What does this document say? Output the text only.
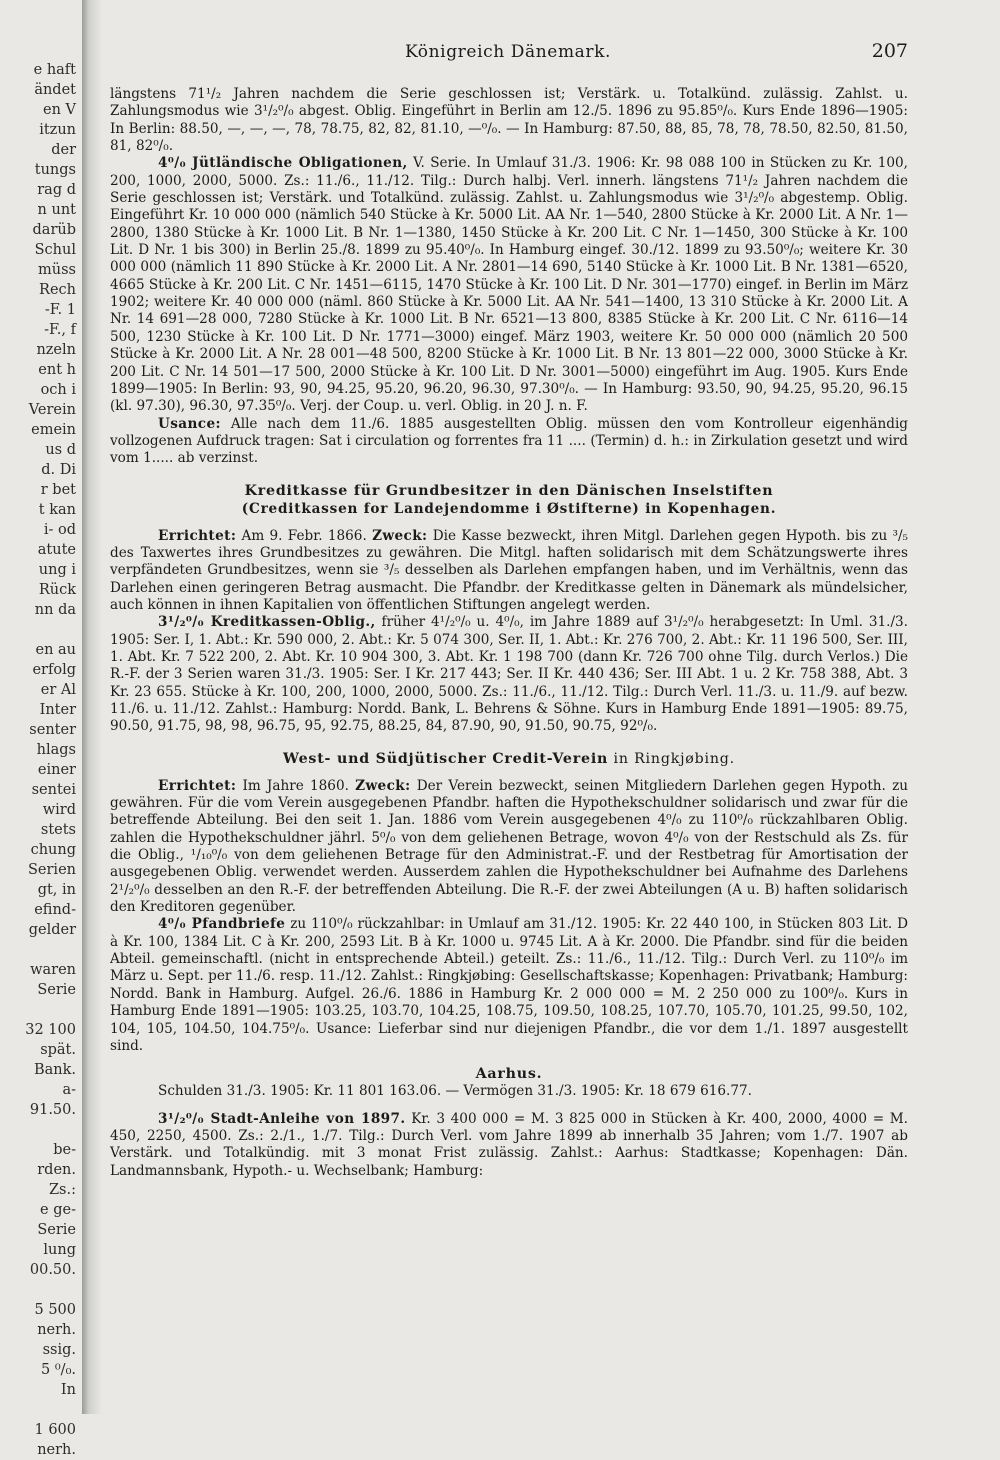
e haft
ändet
en V
itzun
der
tungs
rag d
n unt
darüb
Schul
müss
Rech
-F. 1
-F., f
nzeln
ent h
och i
Verein
emein
us d
d. Di
r bet
t kan
i- od
atute
ung i
Rück
nn da

en au
erfolg
er Al
Inter
senter
hlags
einer
sentei
wird
stets
chung
Serien
gt, in
efind-
gelder

waren
Serie

32 100
spät.
Bank.
a-
91.50.

be-
rden.
Zs.:
e ge-
Serie
lung
00.50.

5 500
nerh.
ssig.
5 ⁰/₀.
In

1 600
nerh.
Königreich Dänemark.	207

längstens 71¹/₂ Jahren nachdem die Serie geschlossen ist; Verstärk. u. Totalkünd. zulässig. Zahlst. u. Zahlungsmodus wie 3¹/₂⁰/₀ abgest. Oblig. Eingeführt in Berlin am 12./5. 1896 zu 95.85⁰/₀. Kurs Ende 1896—1905: In Berlin: 88.50, —, —, —, 78, 78.75, 82, 82, 81.10, —⁰/₀. — In Hamburg: 87.50, 88, 85, 78, 78, 78.50, 82.50, 81.50, 81, 82⁰/₀.

4⁰/₀ Jütländische Obligationen, V. Serie. In Umlauf 31./3. 1906: Kr. 98 088 100 in Stücken zu Kr. 100, 200, 1000, 2000, 5000. Zs.: 11./6., 11./12. Tilg.: Durch halbj. Verl. innerh. längstens 71¹/₂ Jahren nachdem die Serie geschlossen ist; Verstärk. und Totalkünd. zulässig. Zahlst. u. Zahlungsmodus wie 3¹/₂⁰/₀ abgestemp. Oblig. Eingeführt Kr. 10 000 000 (nämlich 540 Stücke à Kr. 5000 Lit. AA Nr. 1—540, 2800 Stücke à Kr. 2000 Lit. A Nr. 1—2800, 1380 Stücke à Kr. 1000 Lit. B Nr. 1—1380, 1450 Stücke à Kr. 200 Lit. C Nr. 1—1450, 300 Stücke à Kr. 100 Lit. D Nr. 1 bis 300) in Berlin 25./8. 1899 zu 95.40⁰/₀. In Hamburg eingef. 30./12. 1899 zu 93.50⁰/₀; weitere Kr. 30 000 000 (nämlich 11 890 Stücke à Kr. 2000 Lit. A Nr. 2801—14 690, 5140 Stücke à Kr. 1000 Lit. B Nr. 1381—6520, 4665 Stücke à Kr. 200 Lit. C Nr. 1451—6115, 1470 Stücke à Kr. 100 Lit. D Nr. 301—1770) eingef. in Berlin im März 1902; weitere Kr. 40 000 000 (näml. 860 Stücke à Kr. 5000 Lit. AA Nr. 541—1400, 13 310 Stücke à Kr. 2000 Lit. A Nr. 14 691—28 000, 7280 Stücke à Kr. 1000 Lit. B Nr. 6521—13 800, 8385 Stücke à Kr. 200 Lit. C Nr. 6116—14 500, 1230 Stücke à Kr. 100 Lit. D Nr. 1771—3000) eingef. März 1903, weitere Kr. 50 000 000 (nämlich 20 500 Stücke à Kr. 2000 Lit. A Nr. 28 001—48 500, 8200 Stücke à Kr. 1000 Lit. B Nr. 13 801—22 000, 3000 Stücke à Kr. 200 Lit. C Nr. 14 501—17 500, 2000 Stücke à Kr. 100 Lit. D Nr. 3001—5000) eingeführt im Aug. 1905. Kurs Ende 1899—1905: In Berlin: 93, 90, 94.25, 95.20, 96.20, 96.30, 97.30⁰/₀. — In Hamburg: 93.50, 90, 94.25, 95.20, 96.15 (kl. 97.30), 96.30, 97.35⁰/₀. Verj. der Coup. u. verl. Oblig. in 20 J. n. F.

Usance: Alle nach dem 11./6. 1885 ausgestellten Oblig. müssen den vom Kontrolleur eigenhändig vollzogenen Aufdruck tragen: Sat i circulation og forrentes fra 11 .... (Termin) d. h.: in Zirkulation gesetzt und wird vom 1..... ab verzinst.

Kreditkasse für Grundbesitzer in den Dänischen Inselstiften
(Creditkassen for Landejendomme i Østifterne) in Kopenhagen.

Errichtet: Am 9. Febr. 1866. Zweck: Die Kasse bezweckt, ihren Mitgl. Darlehen gegen Hypoth. bis zu ³/₅ des Taxwertes ihres Grundbesitzes zu gewähren. Die Mitgl. haften solidarisch mit dem Schätzungswerte ihres verpfändeten Grundbesitzes, wenn sie ³/₅ desselben als Darlehen empfangen haben, und im Verhältnis, wenn das Darlehen einen geringeren Betrag ausmacht. Die Pfandbr. der Kreditkasse gelten in Dänemark als mündelsicher, auch können in ihnen Kapitalien von öffentlichen Stiftungen angelegt werden.

3¹/₂⁰/₀ Kreditkassen-Oblig., früher 4¹/₂⁰/₀ u. 4⁰/₀, im Jahre 1889 auf 3¹/₂⁰/₀ herabgesetzt: In Uml. 31./3. 1905: Ser. I, 1. Abt.: Kr. 590 000, 2. Abt.: Kr. 5 074 300, Ser. II, 1. Abt.: Kr. 276 700, 2. Abt.: Kr. 11 196 500, Ser. III, 1. Abt. Kr. 7 522 200, 2. Abt. Kr. 10 904 300, 3. Abt. Kr. 1 198 700 (dann Kr. 726 700 ohne Tilg. durch Verlos.) Die R.-F. der 3 Serien waren 31./3. 1905: Ser. I Kr. 217 443; Ser. II Kr. 440 436; Ser. III Abt. 1 u. 2 Kr. 758 388, Abt. 3 Kr. 23 655. Stücke à Kr. 100, 200, 1000, 2000, 5000. Zs.: 11./6., 11./12. Tilg.: Durch Verl. 11./3. u. 11./9. auf bezw. 11./6. u. 11./12. Zahlst.: Hamburg: Nordd. Bank, L. Behrens & Söhne. Kurs in Hamburg Ende 1891—1905: 89.75, 90.50, 91.75, 98, 98, 96.75, 95, 92.75, 88.25, 84, 87.90, 90, 91.50, 90.75, 92⁰/₀.

West- und Südjütischer Credit-Verein in Ringkjøbing.

Errichtet: Im Jahre 1860. Zweck: Der Verein bezweckt, seinen Mitgliedern Darlehen gegen Hypoth. zu gewähren. Für die vom Verein ausgegebenen Pfandbr. haften die Hypothekschuldner solidarisch und zwar für die betreffende Abteilung. Bei den seit 1. Jan. 1886 vom Verein ausgegebenen 4⁰/₀ zu 110⁰/₀ rückzahlbaren Oblig. zahlen die Hypothekschuldner jährl. 5⁰/₀ von dem geliehenen Betrage, wovon 4⁰/₀ von der Restschuld als Zs. für die Oblig., ¹/₁₀⁰/₀ von dem geliehenen Betrage für den Administrat.-F. und der Restbetrag für Amortisation der ausgegebenen Oblig. verwendet werden. Ausserdem zahlen die Hypothekschuldner bei Aufnahme des Darlehens 2¹/₂⁰/₀ desselben an den R.-F. der betreffenden Abteilung. Die R.-F. der zwei Abteilungen (A u. B) haften solidarisch den Kreditoren gegenüber.

4⁰/₀ Pfandbriefe zu 110⁰/₀ rückzahlbar: in Umlauf am 31./12. 1905: Kr. 22 440 100, in Stücken 803 Lit. D à Kr. 100, 1384 Lit. C à Kr. 200, 2593 Lit. B à Kr. 1000 u. 9745 Lit. A à Kr. 2000. Die Pfandbr. sind für die beiden Abteil. gemeinschaftl. (nicht in entsprechende Abteil.) geteilt. Zs.: 11./6., 11./12. Tilg.: Durch Verl. zu 110⁰/₀ im März u. Sept. per 11./6. resp. 11./12. Zahlst.: Ringkjøbing: Gesellschaftskasse; Kopenhagen: Privatbank; Hamburg: Nordd. Bank in Hamburg. Aufgel. 26./6. 1886 in Hamburg Kr. 2 000 000 = M. 2 250 000 zu 100⁰/₀. Kurs in Hamburg Ende 1891—1905: 103.25, 103.70, 104.25, 108.75, 109.50, 108.25, 107.70, 105.70, 101.25, 99.50, 102, 104, 105, 104.50, 104.75⁰/₀. Usance: Lieferbar sind nur diejenigen Pfandbr., die vor dem 1./1. 1897 ausgestellt sind.

Aarhus.

Schulden 31./3. 1905: Kr. 11 801 163.06. — Vermögen 31./3. 1905: Kr. 18 679 616.77.

3¹/₂⁰/₀ Stadt-Anleihe von 1897. Kr. 3 400 000 = M. 3 825 000 in Stücken à Kr. 400, 2000, 4000 = M. 450, 2250, 4500. Zs.: 2./1., 1./7. Tilg.: Durch Verl. vom Jahre 1899 ab innerhalb 35 Jahren; vom 1./7. 1907 ab Verstärk. und Totalkündig. mit 3 monat Frist zulässig. Zahlst.: Aarhus: Stadtkasse; Kopenhagen: Dän. Landmannsbank, Hypoth.- u. Wechselbank; Hamburg:
